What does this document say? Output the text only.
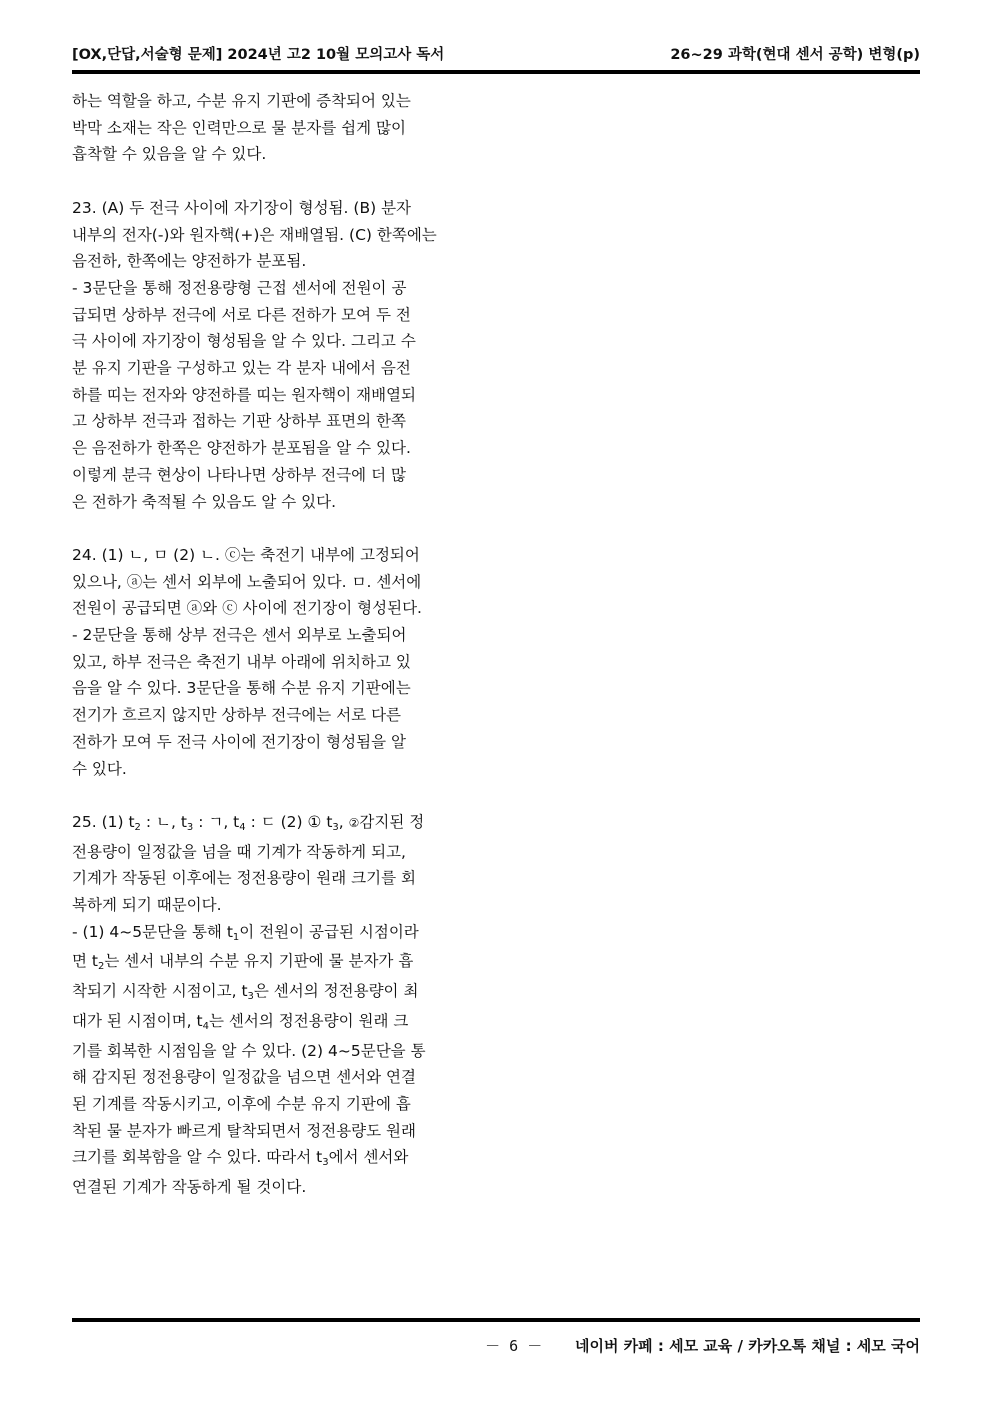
[OX,단답,서술형 문제] 2024년 고2 10월 모의고사 독서	26~29 과학(현대 센서 공학) 변형(p)

하는 역할을 하고, 수분 유지 기판에 증착되어 있는
박막 소재는 작은 인력만으로 물 분자를 쉽게 많이
흡착할 수 있음을 알 수 있다.

23. (A) 두 전극 사이에 자기장이 형성됨. (B) 분자
내부의 전자(-)와 원자핵(+)은 재배열됨. (C) 한쪽에는
음전하, 한쪽에는 양전하가 분포됨.
- 3문단을 통해 정전용량형 근접 센서에 전원이 공
급되면 상하부 전극에 서로 다른 전하가 모여 두 전
극 사이에 자기장이 형성됨을 알 수 있다. 그리고 수
분 유지 기판을 구성하고 있는 각 분자 내에서 음전
하를 띠는 전자와 양전하를 띠는 원자핵이 재배열되
고 상하부 전극과 접하는 기판 상하부 표면의 한쪽
은 음전하가 한쪽은 양전하가 분포됨을 알 수 있다.
이렇게 분극 현상이 나타나면 상하부 전극에 더 많
은 전하가 축적될 수 있음도 알 수 있다.

24. (1) ㄴ, ㅁ (2) ㄴ. ⓒ는 축전기 내부에 고정되어
있으나, ⓐ는 센서 외부에 노출되어 있다. ㅁ. 센서에
전원이 공급되면 ⓐ와 ⓒ 사이에 전기장이 형성된다.
- 2문단을 통해 상부 전극은 센서 외부로 노출되어
있고, 하부 전극은 축전기 내부 아래에 위치하고 있
음을 알 수 있다. 3문단을 통해 수분 유지 기판에는
전기가 흐르지 않지만 상하부 전극에는 서로 다른
전하가 모여 두 전극 사이에 전기장이 형성됨을 알
수 있다.

25. (1) $t_2$ : ㄴ, $t_3$ : ㄱ, $t_4$ : ㄷ (2) ① $t_3$, ②감지된 정
전용량이 일정값을 넘을 때 기계가 작동하게 되고,
기계가 작동된 이후에는 정전용량이 원래 크기를 회
복하게 되기 때문이다.
- (1) 4~5문단을 통해 $t_1$이 전원이 공급된 시점이라
면 $t_2$는 센서 내부의 수분 유지 기판에 물 분자가 흡
착되기 시작한 시점이고, $t_3$은 센서의 정전용량이 최
대가 된 시점이며, $t_4$는 센서의 정전용량이 원래 크
기를 회복한 시점임을 알 수 있다. (2) 4~5문단을 통
해 감지된 정전용량이 일정값을 넘으면 센서와 연결
된 기계를 작동시키고, 이후에 수분 유지 기판에 흡
착된 물 분자가 빠르게 탈착되면서 정전용량도 원래
크기를 회복함을 알 수 있다. 따라서 $t_3$에서 센서와
연결된 기계가 작동하게 될 것이다.

－ 6 － 네이버 카페 : 세모 교육 / 카카오톡 채널 : 세모 국어
